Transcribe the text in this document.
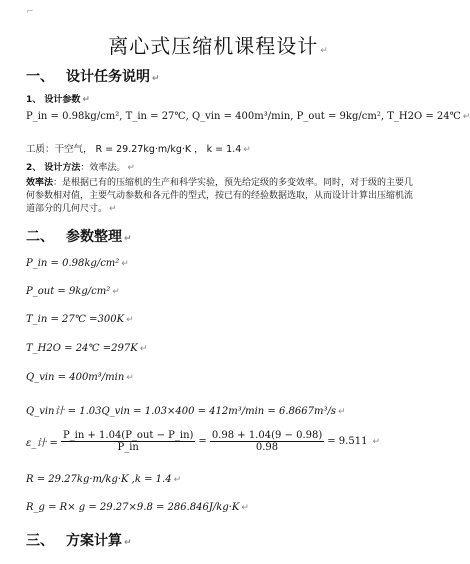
⌐
离心式压缩机课程设计 ↵
一、 设计任务说明 ↵
1、 设计参数 ↵
P_in = 0.98kg/cm², T_in = 27℃, Q_vin = 400m³/min, P_out = 9kg/cm², T_H2O = 24℃ ↵
工质：干空气， R = 29.27kg·m/kg·K ， k = 1.4 ↵
2、 设计方法：效率法。 ↵
效率法：是根据已有的压缩机的生产和科学实验，预先给定级的多变效率。同时，对于级的主要几何参数相对值，主要气动参数和各元件的型式，按已有的经验数据选取，从而设计计算出压缩机流道部分的几何尺寸。 ↵
二、 参数整理 ↵
P_in = 0.98kg/cm² ↵
P_out = 9kg/cm² ↵
T_in = 27℃ =300K ↵
T_H2O = 24℃ =297K ↵
Q_vin = 400m³/min ↵
Q_vin计 = 1.03Q_vin = 1.03×400 = 412m³/min = 6.8667m³/s ↵
ε_计 = $\frac{\text{P\_in + 1.04(P\_out − P\_in)}}{P\_in} = \frac{0.98 + 1.04(9 - 0.98)}{0.98} = 9.511$ ↵
R = 29.27kg·m/kg·K ,k = 1.4 ↵
R_g = R× g = 29.27×9.8 = 286.846J/kg·K ↵
三、 方案计算 ↵
